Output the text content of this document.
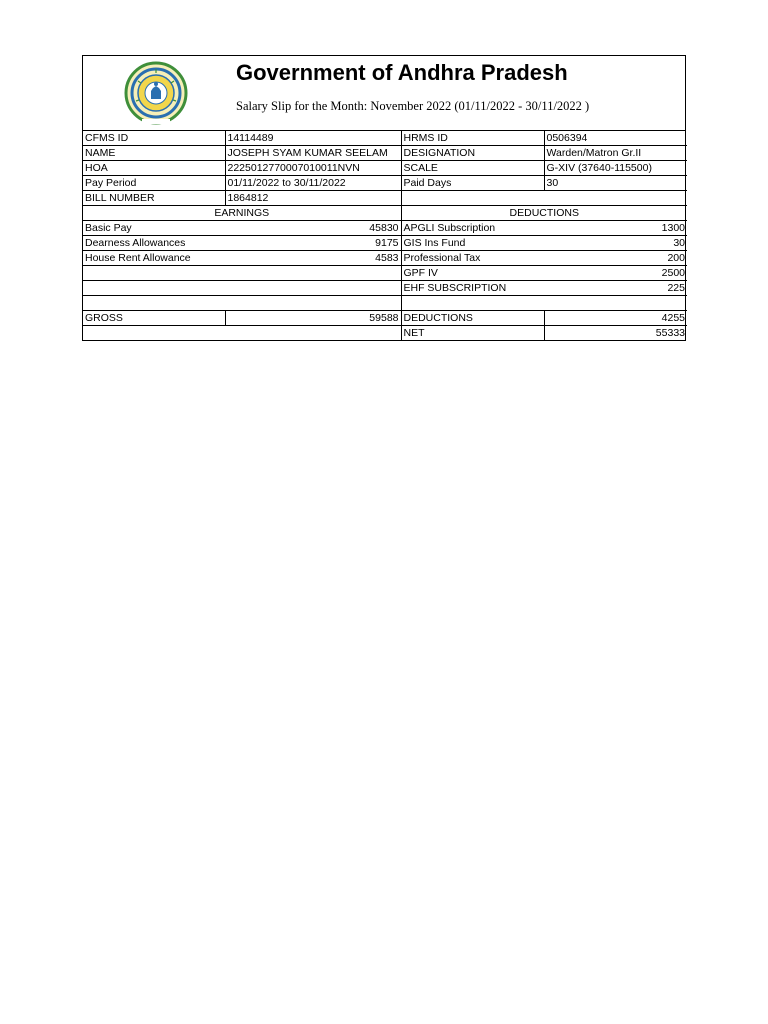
Government of Andhra Pradesh
Salary Slip for the Month: November 2022 (01/11/2022 - 30/11/2022 )
CFMS ID	14114489	HRMS ID	0506394
NAME	JOSEPH SYAM KUMAR SEELAM	DESIGNATION	Warden/Matron Gr.II
HOA	2225012770007010011NVN	SCALE	G-XIV (37640-115500)
Pay Period	01/11/2022 to 30/11/2022	Paid Days	30
BILL NUMBER	1864812		
EARNINGS		DEDUCTIONS	
Basic Pay	45830	APGLI Subscription	1300
Dearness Allowances	9175	GIS Ins Fund	30
House Rent Allowance	4583	Professional Tax	200
		GPF IV	2500
		EHF SUBSCRIPTION	225

GROSS	59588	DEDUCTIONS	4255
		NET	55333
